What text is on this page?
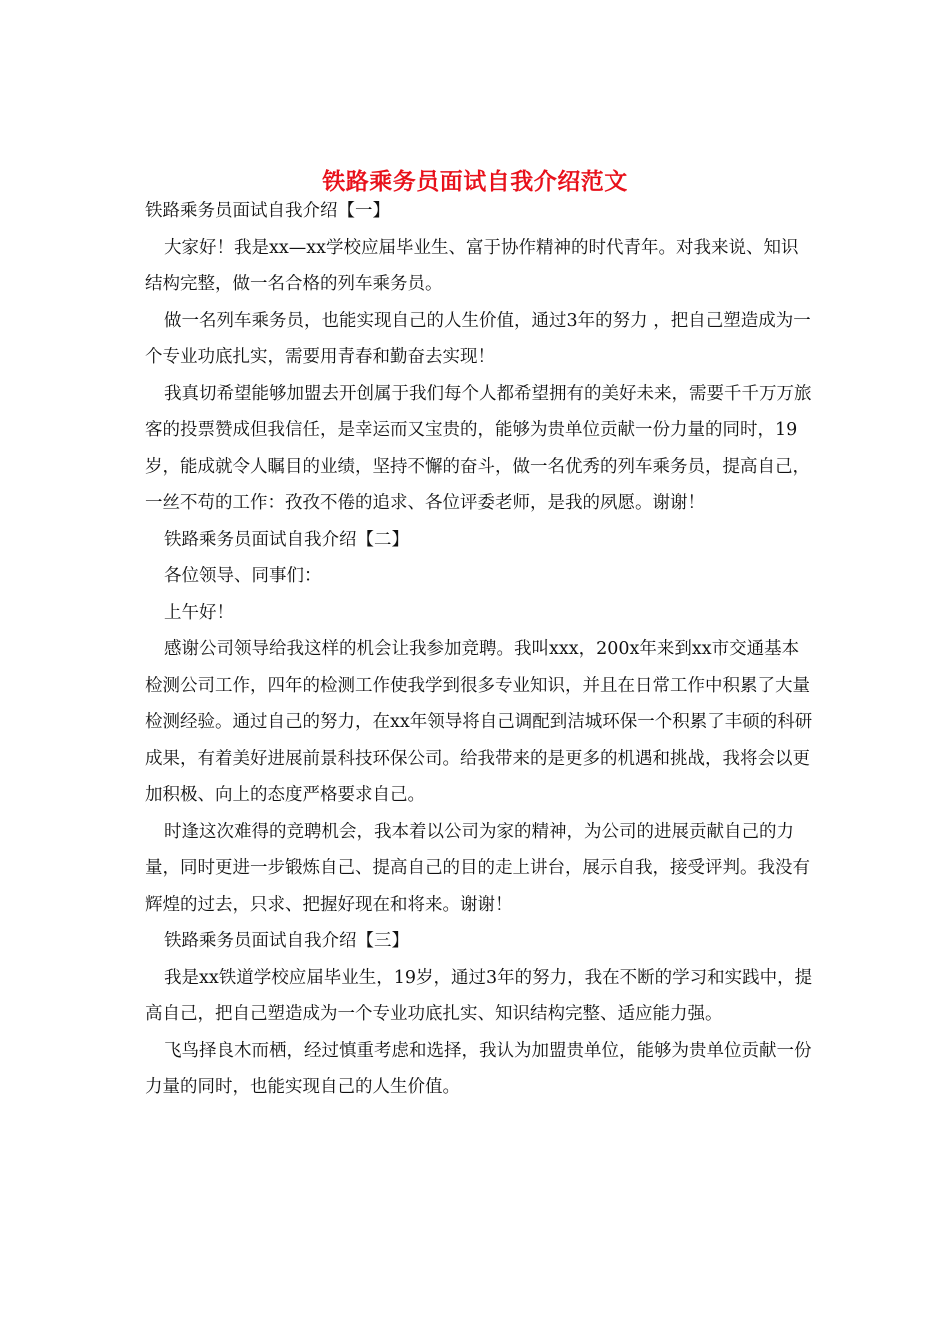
铁路乘务员面试自我介绍范文

铁路乘务员面试自我介绍【一】

大家好！我是xx—xx学校应届毕业生、富于协作精神的时代青年。对我来说、知识结构完整，做一名合格的列车乘务员。

做一名列车乘务员，也能实现自己的人生价值，通过3年的努力 ，把自己塑造成为一个专业功底扎实，需要用青春和勤奋去实现！

我真切希望能够加盟去开创属于我们每个人都希望拥有的美好未来，需要千千万万旅客的投票赞成但我信任，是幸运而又宝贵的，能够为贵单位贡献一份力量的同时，19岁，能成就令人瞩目的业绩，坚持不懈的奋斗，做一名优秀的列车乘务员，提高自己，一丝不苟的工作：孜孜不倦的追求、各位评委老师，是我的夙愿。谢谢！

铁路乘务员面试自我介绍【二】

各位领导、同事们：

上午好！

感谢公司领导给我这样的机会让我参加竞聘。我叫xxx，200x年来到xx市交通基本检测公司工作，四年的检测工作使我学到很多专业知识，并且在日常工作中积累了大量检测经验。通过自己的努力，在xx年领导将自己调配到洁城环保一个积累了丰硕的科研成果，有着美好进展前景科技环保公司。给我带来的是更多的机遇和挑战，我将会以更加积极、向上的态度严格要求自己。

时逢这次难得的竞聘机会，我本着以公司为家的精神，为公司的进展贡献自己的力量，同时更进一步锻炼自己、提高自己的目的走上讲台，展示自我，接受评判。我没有辉煌的过去，只求、把握好现在和将来。谢谢！

铁路乘务员面试自我介绍【三】

我是xx铁道学校应届毕业生，19岁，通过3年的努力，我在不断的学习和实践中，提高自己，把自己塑造成为一个专业功底扎实、知识结构完整、适应能力强。

飞鸟择良木而栖，经过慎重考虑和选择，我认为加盟贵单位，能够为贵单位贡献一份力量的同时，也能实现自己的人生价值。
